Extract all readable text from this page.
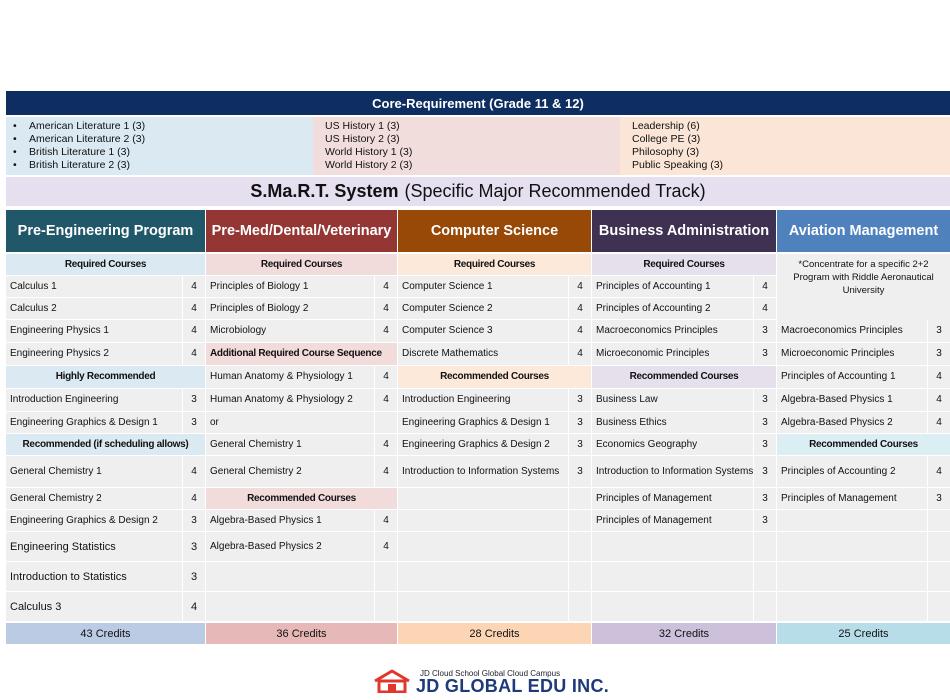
Core-Requirement (Grade 11 & 12)
• American Literature 1 (3)
• American Literature 2 (3)
• British Literature 1 (3)
• British Literature 2 (3)
US History 1 (3)
US History 2 (3)
World History 1 (3)
World History 2 (3)
Leadership (6)
College PE (3)
Philosophy (3)
Public Speaking (3)
S.Ma.R.T. System (Specific Major Recommended Track)
Pre-Engineering Program
Required Courses
Calculus 1	4
Calculus 2	4
Engineering Physics 1	4
Engineering Physics 2	4
Highly Recommended
Introduction Engineering	3
Engineering Graphics & Design 1	3
Recommended (if scheduling allows)
General Chemistry 1	4
General Chemistry 2	4
Engineering Graphics & Design 2	3
Engineering Statistics	3
Introduction to Statistics	3
Calculus 3	4
43 Credits
Pre-Med/Dental/Veterinary
Required Courses
Principles of Biology 1	4
Principles of Biology 2	4
Microbiology	4
Additional Required Course Sequence
Human Anatomy & Physiology 1	4
Human Anatomy & Physiology 2	4
or
General Chemistry 1	4
General Chemistry 2	4
Recommended Courses
Algebra-Based Physics 1	4
Algebra-Based Physics 2	4
36 Credits
Computer Science
Required Courses
Computer Science 1	4
Computer Science 2	4
Computer Science 3	4
Discrete Mathematics	4
Recommended Courses
Introduction Engineering	3
Engineering Graphics & Design 1	3
Engineering Graphics & Design 2	3
Introduction to Information Systems	3
28 Credits
Business Administration
Required Courses
Principles of Accounting 1	4
Principles of Accounting 2	4
Macroeconomics Principles	3
Microeconomic Principles	3
Recommended Courses
Business Law	3
Business Ethics	3
Economics Geography	3
Introduction to Information Systems 3
Principles of Management	3
Principles of Management	3
32 Credits
Aviation Management
Macroeconomics Principles	3
Microeconomic Principles	3
Principles of Accounting 1	4
Algebra-Based Physics 1	4
Algebra-Based Physics 2	4
Recommended Courses
Principles of Accounting 2	4
Principles of Management	3
*Concentrate for a specific 2+2 Program with Riddle Aeronautical University
25 Credits
JD Cloud School Global Cloud Campus
JD GLOBAL EDU INC.
